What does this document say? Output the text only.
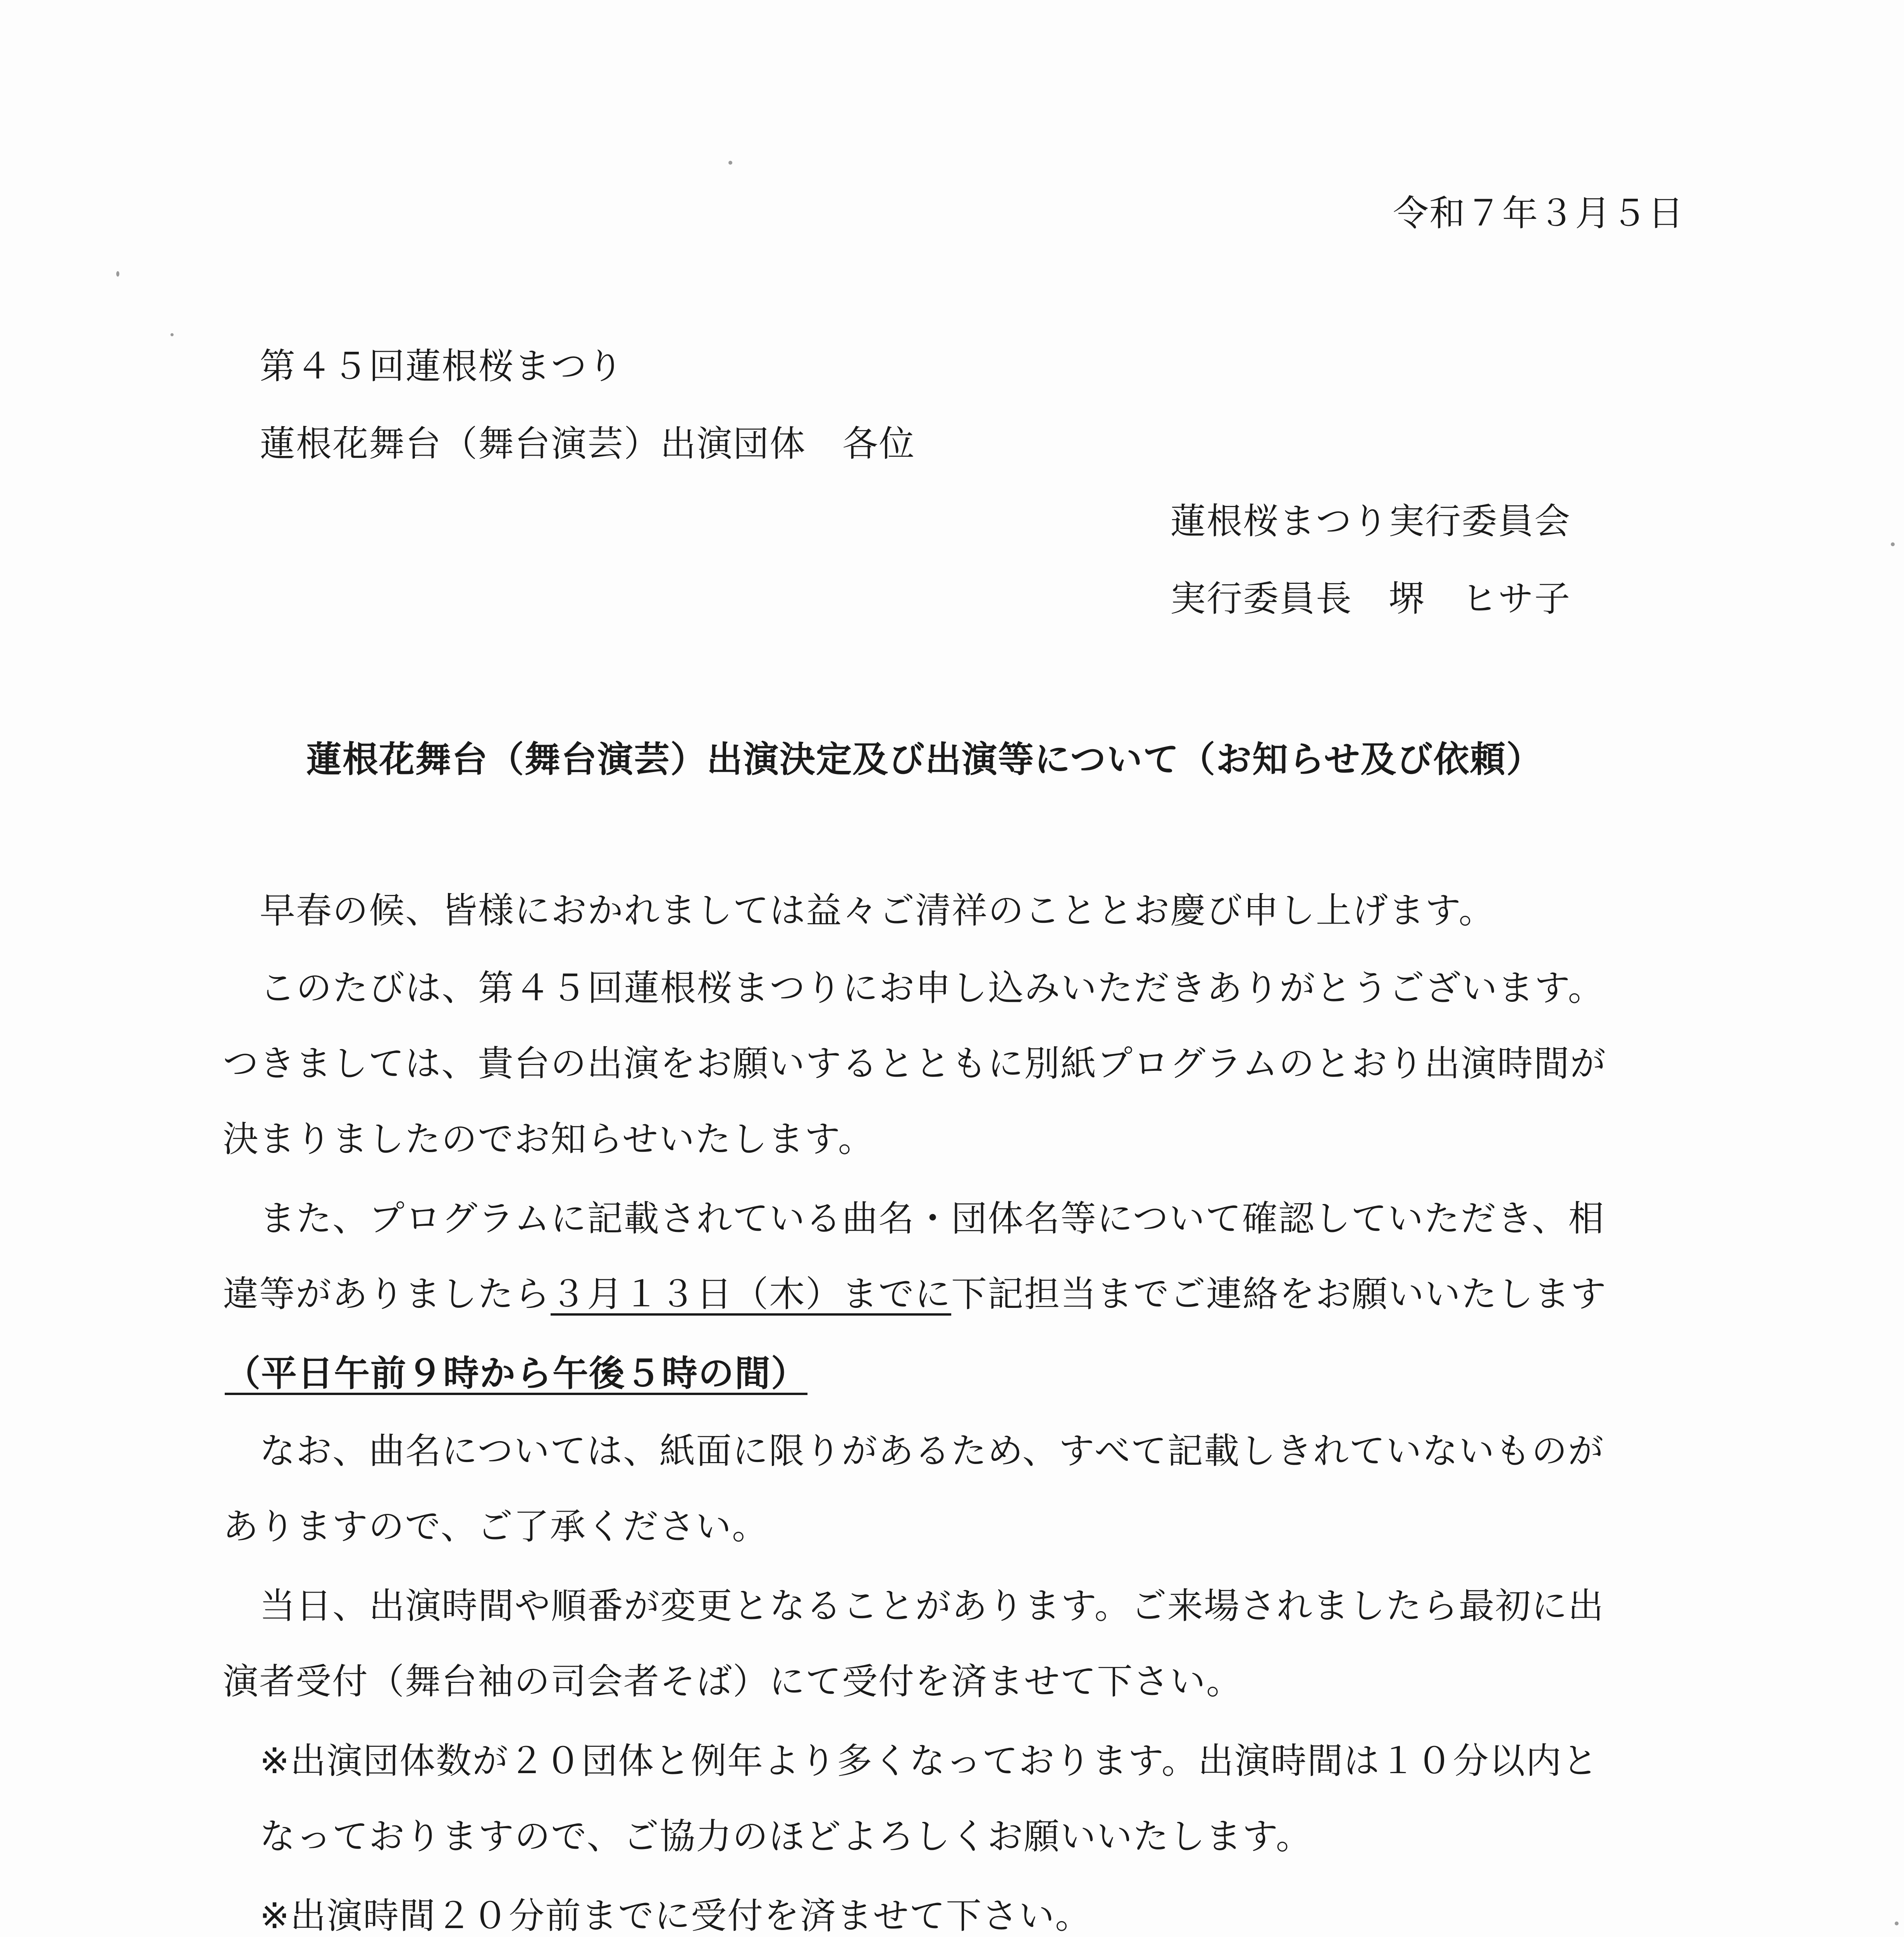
令和７年３月５日
第４５回蓮根桜まつり
蓮根花舞台（舞台演芸）出演団体　各位
蓮根桜まつり実行委員会
実行委員長　堺　ヒサ子
蓮根花舞台（舞台演芸）出演決定及び出演等について（お知らせ及び依頼）
早春の候、皆様におかれましては益々ご清祥のこととお慶び申し上げます。
このたびは、第４５回蓮根桜まつりにお申し込みいただきありがとうございます。
つきましては、貴台の出演をお願いするとともに別紙プログラムのとおり出演時間が
決まりましたのでお知らせいたします。
また、プログラムに記載されている曲名・団体名等について確認していただき、相
違等がありましたら３月１３日（木）までに下記担当までご連絡をお願いいたします
（平日午前９時から午後５時の間）
なお、曲名については、紙面に限りがあるため、すべて記載しきれていないものが
ありますので、ご了承ください。
当日、出演時間や順番が変更となることがあります。ご来場されましたら最初に出
演者受付（舞台袖の司会者そば）にて受付を済ませて下さい。
※出演団体数が２０団体と例年より多くなっております。出演時間は１０分以内と
なっておりますので、ご協力のほどよろしくお願いいたします。
※出演時間２０分前までに受付を済ませて下さい。
